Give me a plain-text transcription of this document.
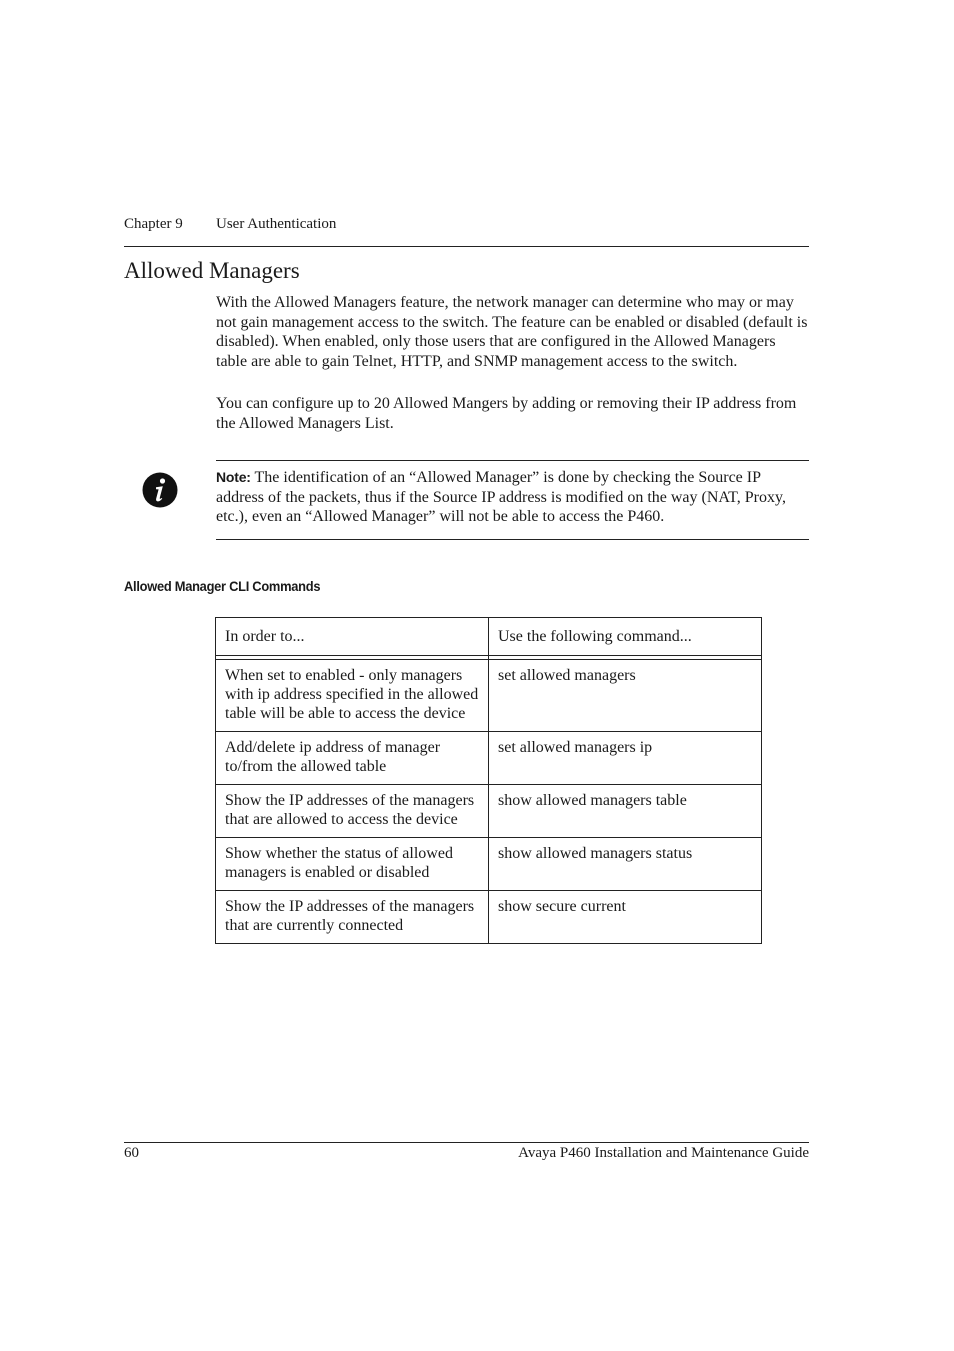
Chapter 9 User Authentication
Allowed Managers

With the Allowed Managers feature, the network manager can determine who may or may not gain management access to the switch. The feature can be enabled or disabled (default is disabled). When enabled, only those users that are configured in the Allowed Managers table are able to gain Telnet, HTTP, and SNMP management access to the switch.

You can configure up to 20 Allowed Mangers by adding or removing their IP address from the Allowed Managers List.

Note: The identification of an “Allowed Manager” is done by checking the Source IP address of the packets, thus if the Source IP address is modified on the way (NAT, Proxy, etc.), even an “Allowed Manager” will not be able to access the P460.

Allowed Manager CLI Commands
In order to...	Use the following command...

When set to enabled - only managers with ip address specified in the allowed table will be able to access the device	set allowed managers
Add/delete ip address of manager to/from the allowed table	set allowed managers ip
Show the IP addresses of the managers that are allowed to access the device	show allowed managers table
Show whether the status of allowed managers is enabled or disabled	show allowed managers status
Show the IP addresses of the managers that are currently connected	show secure current
60	Avaya P460 Installation and Maintenance Guide
